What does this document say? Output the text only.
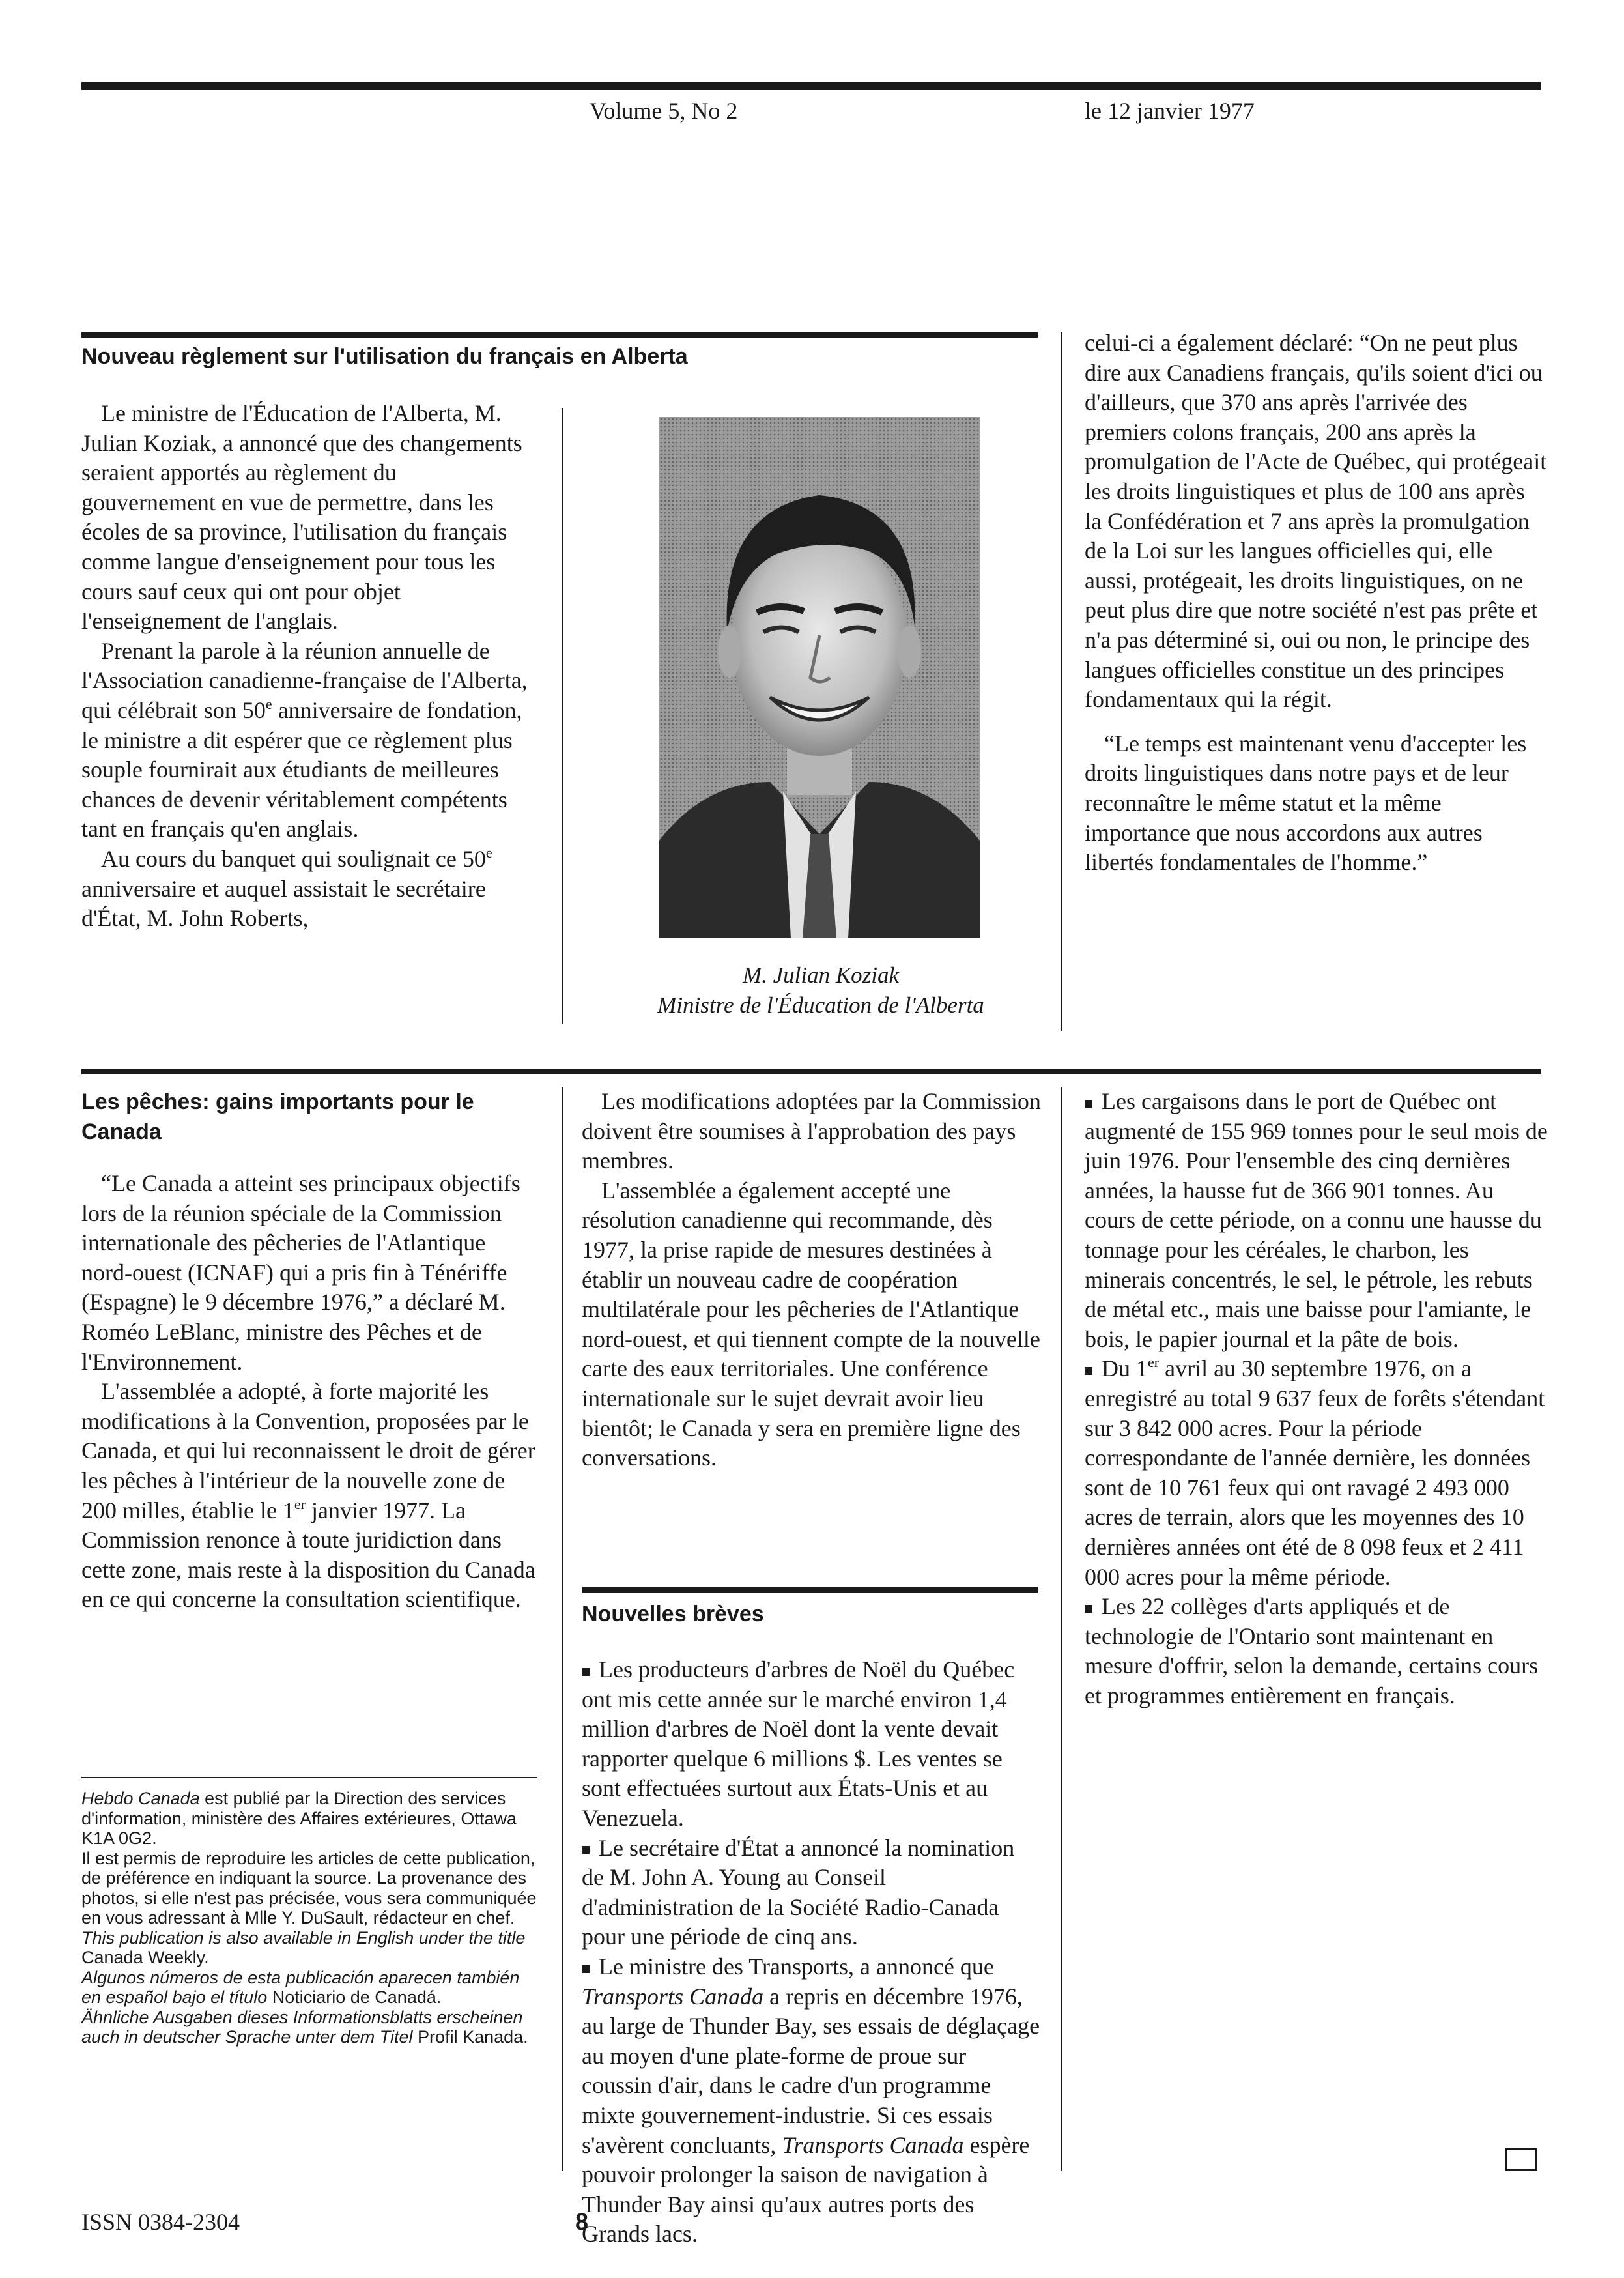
Volume 5, No 2	le 12 janvier 1977
Nouveau règlement sur l'utilisation du français en Alberta

Le ministre de l'Éducation de l'Alberta, M. Julian Koziak, a annoncé que des changements seraient apportés au règlement du gouvernement en vue de permettre, dans les écoles de sa province, l'utilisation du français comme langue d'enseignement pour tous les cours sauf ceux qui ont pour objet l'enseignement de l'anglais.

Prenant la parole à la réunion annuelle de l'Association canadienne-française de l'Alberta, qui célébrait son 50e anniversaire de fondation, le ministre a dit espérer que ce règlement plus souple fournirait aux étudiants de meilleures chances de devenir véritablement compétents tant en français qu'en anglais.

Au cours du banquet qui soulignait ce 50e anniversaire et auquel assistait le secrétaire d'État, M. John Roberts,

M. Julian Koziak
Ministre de l'Éducation de l'Alberta

celui-ci a également déclaré: “On ne peut plus dire aux Canadiens français, qu'ils soient d'ici ou d'ailleurs, que 370 ans après l'arrivée des premiers colons français, 200 ans après la promulgation de l'Acte de Québec, qui protégeait les droits linguistiques et plus de 100 ans après la Confédération et 7 ans après la promulgation de la Loi sur les langues officielles qui, elle aussi, protégeait, les droits linguistiques, on ne peut plus dire que notre société n'est pas prête et n'a pas déterminé si, oui ou non, le principe des langues officielles constitue un des principes fondamentaux qui la régit.

“Le temps est maintenant venu d'accepter les droits linguistiques dans notre pays et de leur reconnaître le même statut et la même importance que nous accordons aux autres libertés fondamentales de l'homme.”

Les pêches: gains importants pour le Canada

“Le Canada a atteint ses principaux objectifs lors de la réunion spéciale de la Commission internationale des pêcheries de l'Atlantique nord-ouest (ICNAF) qui a pris fin à Ténériffe (Espagne) le 9 décembre 1976,” a déclaré M. Roméo LeBlanc, ministre des Pêches et de l'Environnement.

L'assemblée a adopté, à forte majorité les modifications à la Convention, proposées par le Canada, et qui lui reconnaissent le droit de gérer les pêches à l'intérieur de la nouvelle zone de 200 milles, établie le 1er janvier 1977. La Commission renonce à toute juridiction dans cette zone, mais reste à la disposition du Canada en ce qui concerne la consultation scientifique.

Hebdo Canada est publié par la Direction des services d'information, ministère des Affaires extérieures, Ottawa K1A 0G2.

Il est permis de reproduire les articles de cette publication, de préférence en indiquant la source. La provenance des photos, si elle n'est pas précisée, vous sera communiquée en vous adressant à Mlle Y. DuSault, rédacteur en chef.

This publication is also available in English under the title Canada Weekly.

Algunos números de esta publicación aparecen también en español bajo el título Noticiario de Canadá.

Ähnliche Ausgaben dieses Informationsblatts erscheinen auch in deutscher Sprache unter dem Titel Profil Kanada.

Les modifications adoptées par la Commission doivent être soumises à l'approbation des pays membres.

L'assemblée a également accepté une résolution canadienne qui recommande, dès 1977, la prise rapide de mesures destinées à établir un nouveau cadre de coopération multilatérale pour les pêcheries de l'Atlantique nord-ouest, et qui tiennent compte de la nouvelle carte des eaux territoriales. Une conférence internationale sur le sujet devrait avoir lieu bientôt; le Canada y sera en première ligne des conversations.

Nouvelles brèves

Les producteurs d'arbres de Noël du Québec ont mis cette année sur le marché environ 1,4 million d'arbres de Noël dont la vente devait rapporter quelque 6 millions $. Les ventes se sont effectuées surtout aux États-Unis et au Venezuela.

Le secrétaire d'État a annoncé la nomination de M. John A. Young au Conseil d'administration de la Société Radio-Canada pour une période de cinq ans.

Le ministre des Transports, a annoncé que Transports Canada a repris en décembre 1976, au large de Thunder Bay, ses essais de déglaçage au moyen d'une plate-forme de proue sur coussin d'air, dans le cadre d'un programme mixte gouvernement-industrie. Si ces essais s'avèrent concluants, Transports Canada espère pouvoir prolonger la saison de navigation à Thunder Bay ainsi qu'aux autres ports des Grands lacs.

Les cargaisons dans le port de Québec ont augmenté de 155 969 tonnes pour le seul mois de juin 1976. Pour l'ensemble des cinq dernières années, la hausse fut de 366 901 tonnes. Au cours de cette période, on a connu une hausse du tonnage pour les céréales, le charbon, les minerais concentrés, le sel, le pétrole, les rebuts de métal etc., mais une baisse pour l'amiante, le bois, le papier journal et la pâte de bois.

Du 1er avril au 30 septembre 1976, on a enregistré au total 9 637 feux de forêts s'étendant sur 3 842 000 acres. Pour la période correspondante de l'année dernière, les données sont de 10 761 feux qui ont ravagé 2 493 000 acres de terrain, alors que les moyennes des 10 dernières années ont été de 8 098 feux et 2 411 000 acres pour la même période.

Les 22 collèges d'arts appliqués et de technologie de l'Ontario sont maintenant en mesure d'offrir, selon la demande, certains cours et programmes entièrement en français.

ISSN 0384-2304	8
